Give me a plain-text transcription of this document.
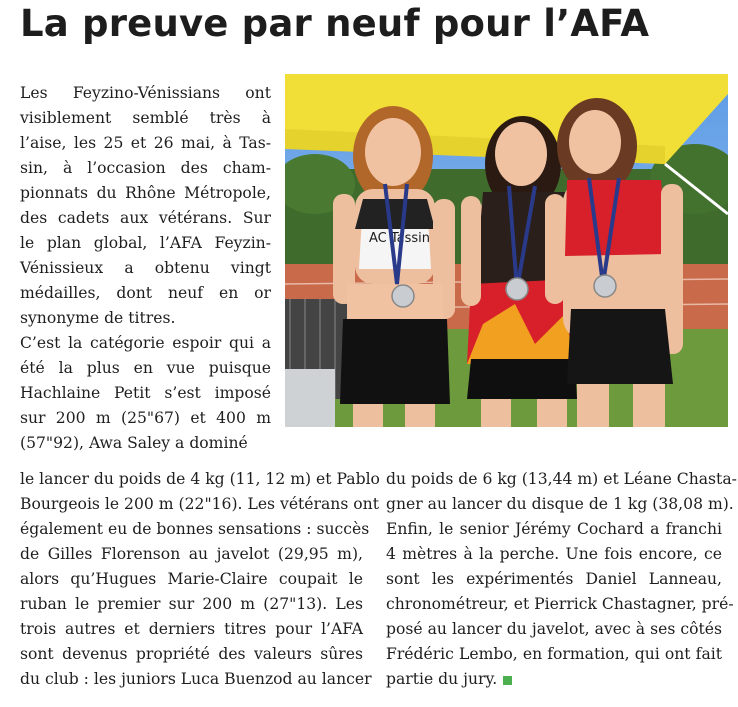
La preuve par neuf pour l’AFA
Les Feyzino-Vénissians ont
visiblement semblé très à
l’aise, les 25 et 26 mai, à Tas-
sin, à l’occasion des cham-
pionnats du Rhône Métropole,
des cadets aux vétérans. Sur
le plan global, l’AFA Feyzin-
Vénissieux a obtenu vingt
médailles, dont neuf en or
synonyme de titres.
C’est la catégorie espoir qui a
été la plus en vue puisque
Hachlaine Petit s’est imposé
sur 200 m (25"67) et 400 m
(57"92), Awa Saley a dominé
AC Tassin
le lancer du poids de 4 kg (11, 12 m) et Pablo
Bourgeois le 200 m (22"16). Les vétérans ont
également eu de bonnes sensations : succès
de Gilles Florenson au javelot (29,95 m),
alors qu’Hugues Marie-Claire coupait le
ruban le premier sur 200 m (27"13). Les
trois autres et derniers titres pour l’AFA
sont devenus propriété des valeurs sûres
du club : les juniors Luca Buenzod au lancer
du poids de 6 kg (13,44 m) et Léane Chasta-
gner au lancer du disque de 1 kg (38,08 m).
Enfin, le senior Jérémy Cochard a franchi
4 mètres à la perche. Une fois encore, ce
sont les expérimentés Daniel Lanneau,
chronométreur, et Pierrick Chastagner, pré-
posé au lancer du javelot, avec à ses côtés
Frédéric Lembo, en formation, qui ont fait
partie du jury.
